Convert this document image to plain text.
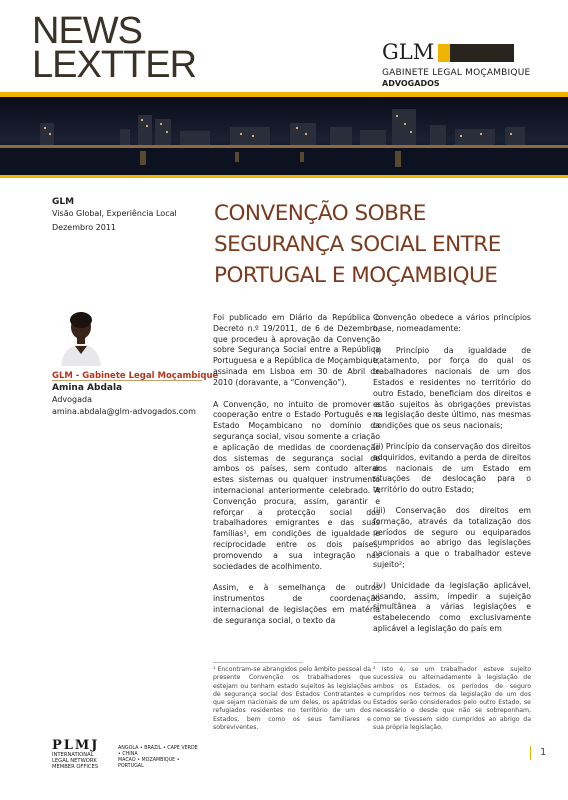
NEWS
LEXTTER	GLM
GABINETE LEGAL MOÇAMBIQUE
ADVOGADOS
GLM
Visão Global, Experiência Local
Dezembro 2011
CONVENÇÃO SOBRE
SEGURANÇA SOCIAL ENTRE
PORTUGAL E MOÇAMBIQUE
GLM - Gabinete Legal Moçambique
Amina Abdala
Advogada
amina.abdala@glm-advogados.com

Foi publicado em Diário da República o Decreto n.º 19/2011, de 6 de Dezembro, que procedeu à aprovação da Convenção sobre Segurança Social entre a República Portuguesa e a República de Moçambique, assinada em Lisboa em 30 de Abril de 2010 (doravante, a “Convenção”).

A Convenção, no intuito de promover a cooperação entre o Estado Português e o Estado Moçambicano no domínio da segurança social, visou somente a criação e aplicação de medidas de coordenação dos sistemas de segurança social de ambos os países, sem contudo alterar estes sistemas ou qualquer instrumento internacional anteriormente celebrado. A Convenção procura, assim, garantir e reforçar a protecção social dos trabalhadores emigrantes e das suas famílias¹, em condições de igualdade e reciprocidade entre os dois países, promovendo a sua integração nas sociedades de acolhimento.

Assim, e à semelhança de outros instrumentos de coordenação internacional de legislações em matéria de segurança social, o texto da

Convenção obedece a vários princípios base, nomeadamente:

(i) Princípio da igualdade de tratamento, por força do qual os trabalhadores nacionais de um dos Estados e residentes no território do outro Estado, beneficiam dos direitos e estão sujeitos às obrigações previstas na legislação deste último, nas mesmas condições que os seus nacionais;
(ii) Princípio da conservação dos direitos adquiridos, evitando a perda de direitos dos nacionais de um Estado em situações de deslocação para o território do outro Estado;
(iii) Conservação dos direitos em formação, através da totalização dos períodos de seguro ou equiparados cumpridos ao abrigo das legislações nacionais a que o trabalhador esteve sujeito²;
(iv) Unicidade da legislação aplicável, visando, assim, impedir a sujeição simultânea a várias legislações e estabelecendo como exclusivamente aplicável a legislação do país em
¹ Encontram-se abrangidos pelo âmbito pessoal da presente Convenção os trabalhadores que estejam ou tenham estado sujeitos às legislações de segurança social dos Estados Contratantes e que sejam nacionais de um deles, os apátridas ou refugiados residentes no território de um dos Estados, bem como os seus familiares e sobreviventes.
² Isto é, se um trabalhador esteve sujeito sucessiva ou alternadamente à legislação de ambos os Estados, os períodos de seguro cumpridos nos termos da legislação de um dos Estados serão considerados pelo outro Estado, se necessário e desde que não se sobreponham, como se tivessem sido cumpridos ao abrigo da sua própria legislação.
PLMJ
INTERNATIONAL
LEGAL NETWORK
MEMBER OFFICES
ANGOLA • BRAZIL • CAPE VERDE • CHINA
MACAO • MOZAMBIQUE • PORTUGAL
1
